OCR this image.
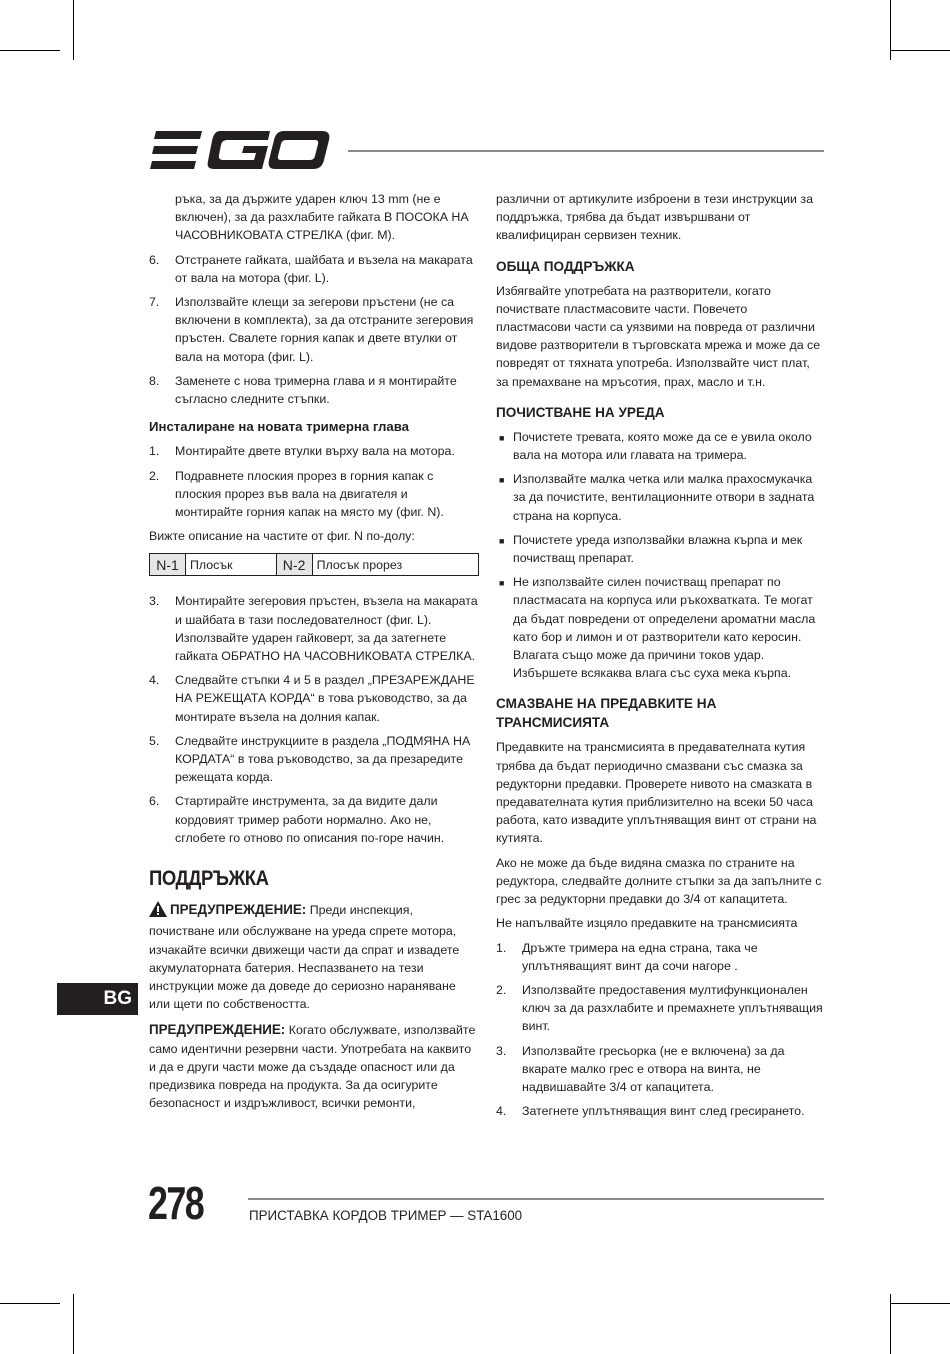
ръка, за да държите ударен ключ 13 mm (не е включен), за да разхлабите гайката В ПОСОКА НА ЧАСОВНИКОВАТА СТРЕЛКА (фиг. M).
6.	Отстранете гайката, шайбата и възела на макарата от вала на мотора (фиг. L).
7.	Използвайте клещи за зегерови пръстени (не са включени в комплекта), за да отстраните зегеровия пръстен. Свалете горния капак и двете втулки от вала на мотора (фиг. L).
8.	Заменете с нова тримерна глава и я монтирайте съгласно следните стъпки.
Инсталиране на новата тримерна глава
1.	Монтирайте двете втулки върху вала на мотора.
2.	Подравнете плоския прорез в горния капак с плоския прорез във вала на двигателя и монтирайте горния капак на място му (фиг. N).
Вижте описание на частите от фиг. N по-долу:
N-1	Плосък	N-2	Плосък прорез
3.	Монтирайте зегеровия пръстен, възела на макарата и шайбата в тази последователност (фиг. L). Използвайте ударен гайковерт, за да затегнете гайката ОБРАТНО НА ЧАСОВНИКОВАТА СТРЕЛКА.
4.	Следвайте стъпки 4 и 5 в раздел „ПРЕЗАРЕЖДАНЕ НА РЕЖЕЩАТА КОРДА“ в това ръководство, за да монтирате възела на долния капак.
5.	Следвайте инструкциите в раздела „ПОДМЯНА НА КОРДАТА“ в това ръководство, за да презаредите режещата корда.
6.	Стартирайте инструмента, за да видите дали кордовият тример работи нормално. Ако не, сглобете го отново по описания по-горе начин.
ПОДДРЪЖКА
ПРЕДУПРЕЖДЕНИЕ: Преди инспекция, почистване или обслужване на уреда спрете мотора, изчакайте всички движещи части да спрат и извадете акумулаторната батерия. Неспазването на тези инструкции може да доведе до сериозно нараняване или щети по собствеността.
ПРЕДУПРЕЖДЕНИЕ: Когато обслужвате, използвайте само идентични резервни части. Употребата на каквито и да е други части може да създаде опасност или да предизвика повреда на продукта. За да осигурите безопасност и издръжливост, всички ремонти,
различни от артикулите изброени в тези инструкции за поддръжка, трябва да бъдат извършвани от квалифициран сервизен техник.
ОБЩА ПОДДРЪЖКА
Избягвайте употребата на разтворители, когато почиствате пластмасовите части. Повечето пластмасови части са уязвими на повреда от различни видове разтворители в търговската мрежа и може да се повредят от тяхната употреба. Използвайте чист плат, за премахване на мръсотия, прах, масло и т.н.
ПОЧИСТВАНЕ НА УРЕДА
■ Почистете тревата, която може да се е увила около вала на мотора или главата на тримера.
■ Използвайте малка четка или малка прахосмукачка за да почистите, вентилационните отвори в задната страна на корпуса.
■ Почистете уреда използвайки влажна кърпа и мек почистващ препарат.
■ Не използвайте силен почистващ препарат по пластмасата на корпуса или ръкохватката. Те могат да бъдат повредени от определени ароматни масла като бор и лимон и от разтворители като керосин. Влагата също може да причини токов удар. Избършете всякаква влага със суха мека кърпа.
СМАЗВАНЕ НА ПРЕДАВКИТЕ НА ТРАНСМИСИЯТА
Предавките на трансмисията в предавателната кутия трябва да бъдат периодично смазвани със смазка за редукторни предавки. Проверете нивото на смазката в предавателната кутия приблизително на всеки 50 часа работа, като извадите уплътняващия винт от страни на кутията.
Ако не може да бъде видяна смазка по страните на редуктора, следвайте долните стъпки за да запълните с грес за редукторни предавки до 3/4 от капацитета.
Не напълвайте изцяло предавките на трансмисията
1.	Дръжте тримера на една страна, така че уплътняващият винт да сочи нагоре .
2.	Използвайте предоставения мултифункционален ключ за да разхлабите и премахнете уплътняващия винт.
3.	Използвайте гресьорка (не е включена) за да вкарате малко грес е отвора на винта, не надвишавайте 3/4 от капацитета.
4.	Затегнете уплътняващия винт след гресирането.
BG
278	ПРИСТАВКА КОРДОВ ТРИМЕР — STA1600
